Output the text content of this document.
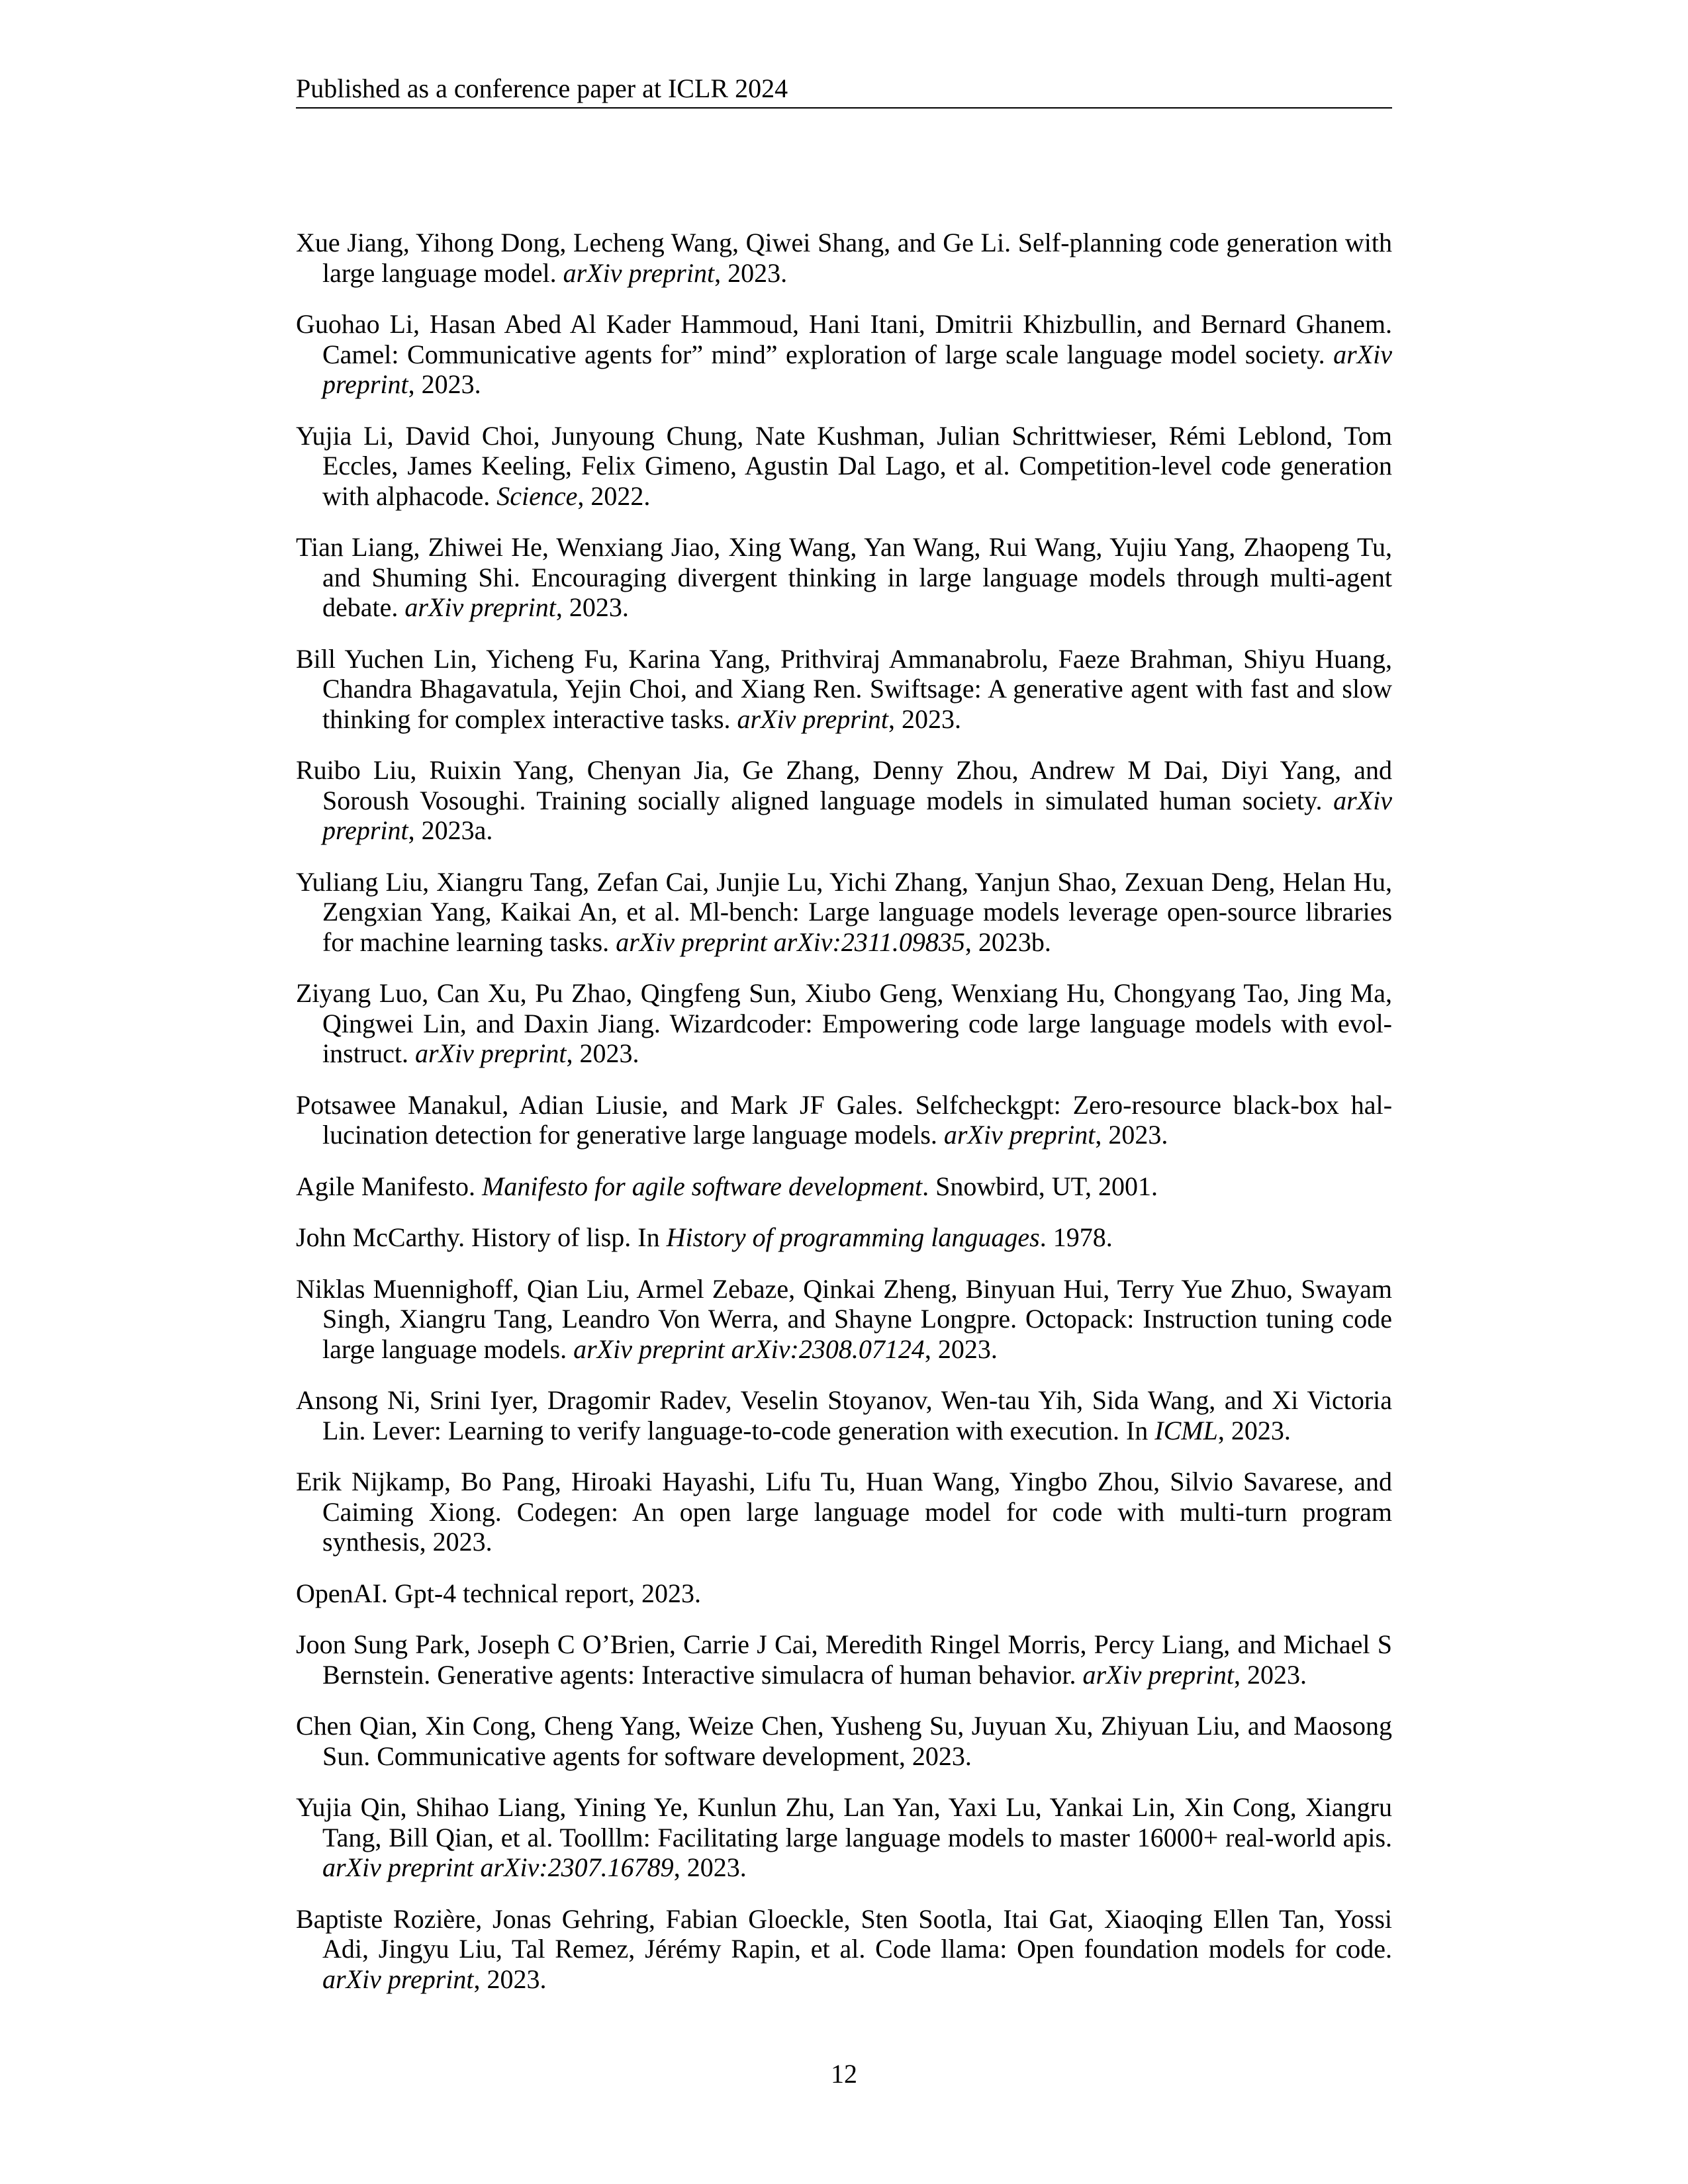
Published as a conference paper at ICLR 2024

Xue Jiang, Yihong Dong, Lecheng Wang, Qiwei Shang, and Ge Li. Self-planning code generation with large language model. arXiv preprint, 2023.

Guohao Li, Hasan Abed Al Kader Hammoud, Hani Itani, Dmitrii Khizbullin, and Bernard Ghanem. Camel: Communicative agents for” mind” exploration of large scale language model society. arXiv preprint, 2023.

Yujia Li, David Choi, Junyoung Chung, Nate Kushman, Julian Schrittwieser, Rémi Leblond, Tom Eccles, James Keeling, Felix Gimeno, Agustin Dal Lago, et al. Competition-level code generation with alphacode. Science, 2022.

Tian Liang, Zhiwei He, Wenxiang Jiao, Xing Wang, Yan Wang, Rui Wang, Yujiu Yang, Zhaopeng Tu, and Shuming Shi. Encouraging divergent thinking in large language models through multi-agent debate. arXiv preprint, 2023.

Bill Yuchen Lin, Yicheng Fu, Karina Yang, Prithviraj Ammanabrolu, Faeze Brahman, Shiyu Huang, Chandra Bhagavatula, Yejin Choi, and Xiang Ren. Swiftsage: A generative agent with fast and slow thinking for complex interactive tasks. arXiv preprint, 2023.

Ruibo Liu, Ruixin Yang, Chenyan Jia, Ge Zhang, Denny Zhou, Andrew M Dai, Diyi Yang, and Soroush Vosoughi. Training socially aligned language models in simulated human society. arXiv preprint, 2023a.

Yuliang Liu, Xiangru Tang, Zefan Cai, Junjie Lu, Yichi Zhang, Yanjun Shao, Zexuan Deng, Helan Hu, Zengxian Yang, Kaikai An, et al. Ml-bench: Large language models leverage open-source libraries for machine learning tasks. arXiv preprint arXiv:2311.09835, 2023b.

Ziyang Luo, Can Xu, Pu Zhao, Qingfeng Sun, Xiubo Geng, Wenxiang Hu, Chongyang Tao, Jing Ma, Qingwei Lin, and Daxin Jiang. Wizardcoder: Empowering code large language models with evol-instruct. arXiv preprint, 2023.

Potsawee Manakul, Adian Liusie, and Mark JF Gales. Selfcheckgpt: Zero-resource black-box hallucination detection for generative large language models. arXiv preprint, 2023.

Agile Manifesto. Manifesto for agile software development. Snowbird, UT, 2001.

John McCarthy. History of lisp. In History of programming languages. 1978.

Niklas Muennighoff, Qian Liu, Armel Zebaze, Qinkai Zheng, Binyuan Hui, Terry Yue Zhuo, Swayam Singh, Xiangru Tang, Leandro Von Werra, and Shayne Longpre. Octopack: Instruction tuning code large language models. arXiv preprint arXiv:2308.07124, 2023.

Ansong Ni, Srini Iyer, Dragomir Radev, Veselin Stoyanov, Wen-tau Yih, Sida Wang, and Xi Victoria Lin. Lever: Learning to verify language-to-code generation with execution. In ICML, 2023.

Erik Nijkamp, Bo Pang, Hiroaki Hayashi, Lifu Tu, Huan Wang, Yingbo Zhou, Silvio Savarese, and Caiming Xiong. Codegen: An open large language model for code with multi-turn program synthesis, 2023.

OpenAI. Gpt-4 technical report, 2023.

Joon Sung Park, Joseph C O’Brien, Carrie J Cai, Meredith Ringel Morris, Percy Liang, and Michael S Bernstein. Generative agents: Interactive simulacra of human behavior. arXiv preprint, 2023.

Chen Qian, Xin Cong, Cheng Yang, Weize Chen, Yusheng Su, Juyuan Xu, Zhiyuan Liu, and Maosong Sun. Communicative agents for software development, 2023.

Yujia Qin, Shihao Liang, Yining Ye, Kunlun Zhu, Lan Yan, Yaxi Lu, Yankai Lin, Xin Cong, Xiangru Tang, Bill Qian, et al. Toolllm: Facilitating large language models to master 16000+ real-world apis. arXiv preprint arXiv:2307.16789, 2023.

Baptiste Rozière, Jonas Gehring, Fabian Gloeckle, Sten Sootla, Itai Gat, Xiaoqing Ellen Tan, Yossi Adi, Jingyu Liu, Tal Remez, Jérémy Rapin, et al. Code llama: Open foundation models for code. arXiv preprint, 2023.

12
